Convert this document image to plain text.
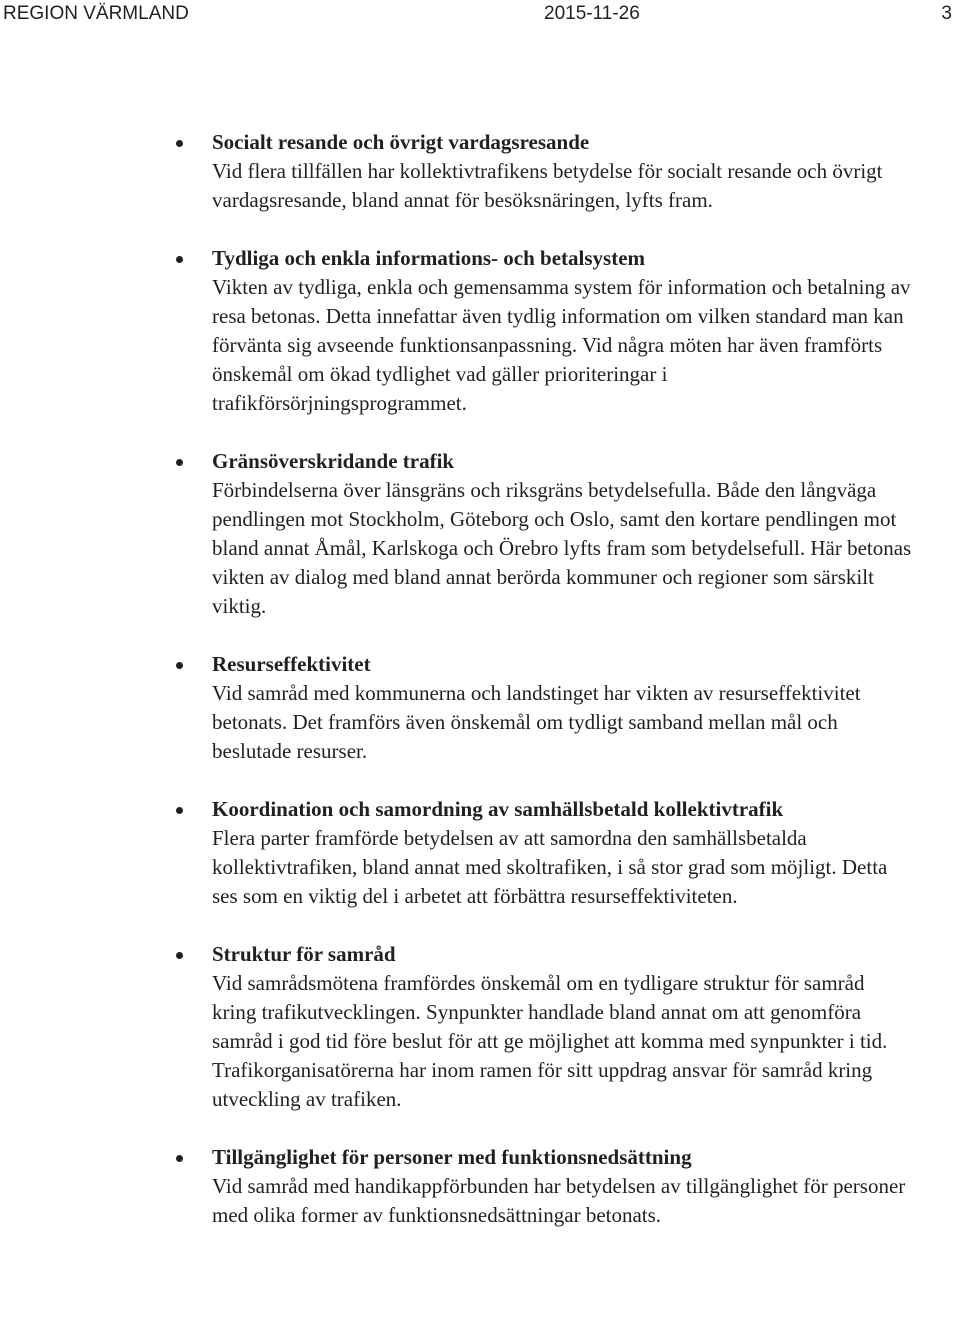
REGION VÄRMLAND	2015-11-26	3
Socialt resande och övrigt vardagsresande
Vid flera tillfällen har kollektivtrafikens betydelse för socialt resande och övrigt vardagsresande, bland annat för besöksnäringen, lyfts fram.
Tydliga och enkla informations- och betalsystem
Vikten av tydliga, enkla och gemensamma system för information och betalning av resa betonas. Detta innefattar även tydlig information om vilken standard man kan förvänta sig avseende funktionsanpassning. Vid några möten har även framförts önskemål om ökad tydlighet vad gäller prioriteringar i trafikförsörjningsprogrammet.
Gränsöverskridande trafik
Förbindelserna över länsgräns och riksgräns betydelsefulla. Både den långväga pendlingen mot Stockholm, Göteborg och Oslo, samt den kortare pendlingen mot bland annat Åmål, Karlskoga och Örebro lyfts fram som betydelsefull. Här betonas vikten av dialog med bland annat berörda kommuner och regioner som särskilt viktig.
Resurseffektivitet
Vid samråd med kommunerna och landstinget har vikten av resurseffektivitet betonats. Det framförs även önskemål om tydligt samband mellan mål och beslutade resurser.
Koordination och samordning av samhällsbetald kollektivtrafik
Flera parter framförde betydelsen av att samordna den samhällsbetalda kollektivtrafiken, bland annat med skoltrafiken, i så stor grad som möjligt. Detta ses som en viktig del i arbetet att förbättra resurseffektiviteten.
Struktur för samråd
Vid samrådsmötena framfördes önskemål om en tydligare struktur för samråd kring trafikutvecklingen. Synpunkter handlade bland annat om att genomföra samråd i god tid före beslut för att ge möjlighet att komma med synpunkter i tid. Trafikorganisatörerna har inom ramen för sitt uppdrag ansvar för samråd kring utveckling av trafiken.
Tillgänglighet för personer med funktionsnedsättning
Vid samråd med handikappförbunden har betydelsen av tillgänglighet för personer med olika former av funktionsnedsättningar betonats.
